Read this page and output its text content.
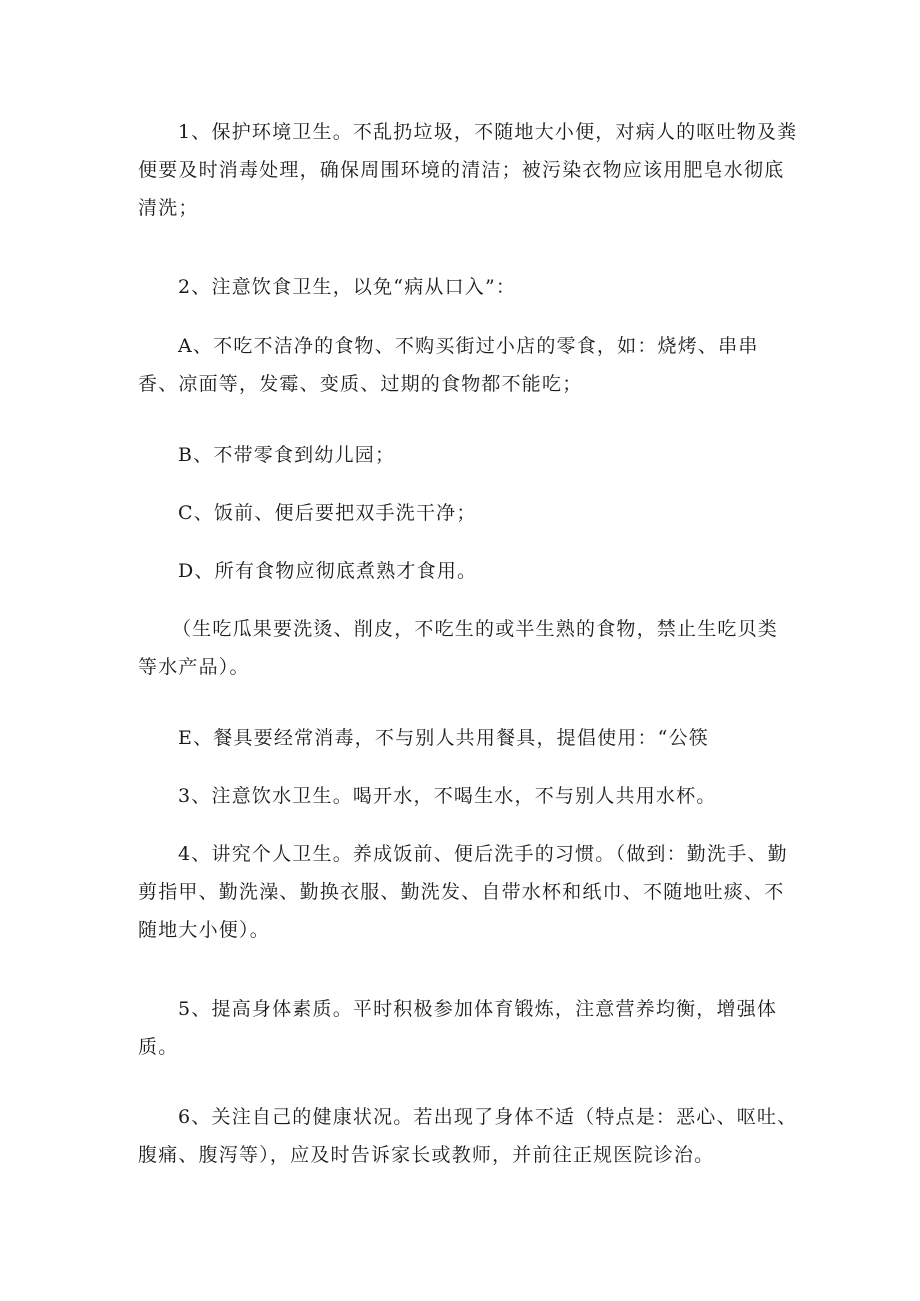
1、保护环境卫生。不乱扔垃圾，不随地大小便，对病人的呕吐物及粪便要及时消毒处理，确保周围环境的清洁；被污染衣物应该用肥皂水彻底清洗；

2、注意饮食卫生，以免“病从口入”：

A、不吃不洁净的食物、不购买街过小店的零食，如：烧烤、串串香、凉面等，发霉、变质、过期的食物都不能吃；

B、不带零食到幼儿园；

C、饭前、便后要把双手洗干净；

D、所有食物应彻底煮熟才食用。

（生吃瓜果要洗烫、削皮，不吃生的或半生熟的食物，禁止生吃贝类等水产品）。

E、餐具要经常消毒，不与别人共用餐具，提倡使用：“公筷

3、注意饮水卫生。喝开水，不喝生水，不与别人共用水杯。

4、讲究个人卫生。养成饭前、便后洗手的习惯。（做到：勤洗手、勤剪指甲、勤洗澡、勤换衣服、勤洗发、自带水杯和纸巾、不随地吐痰、不随地大小便）。

5、提高身体素质。平时积极参加体育锻炼，注意营养均衡，增强体质。

6、关注自己的健康状况。若出现了身体不适（特点是：恶心、呕吐、腹痛、腹泻等），应及时告诉家长或教师，并前往正规医院诊治。
